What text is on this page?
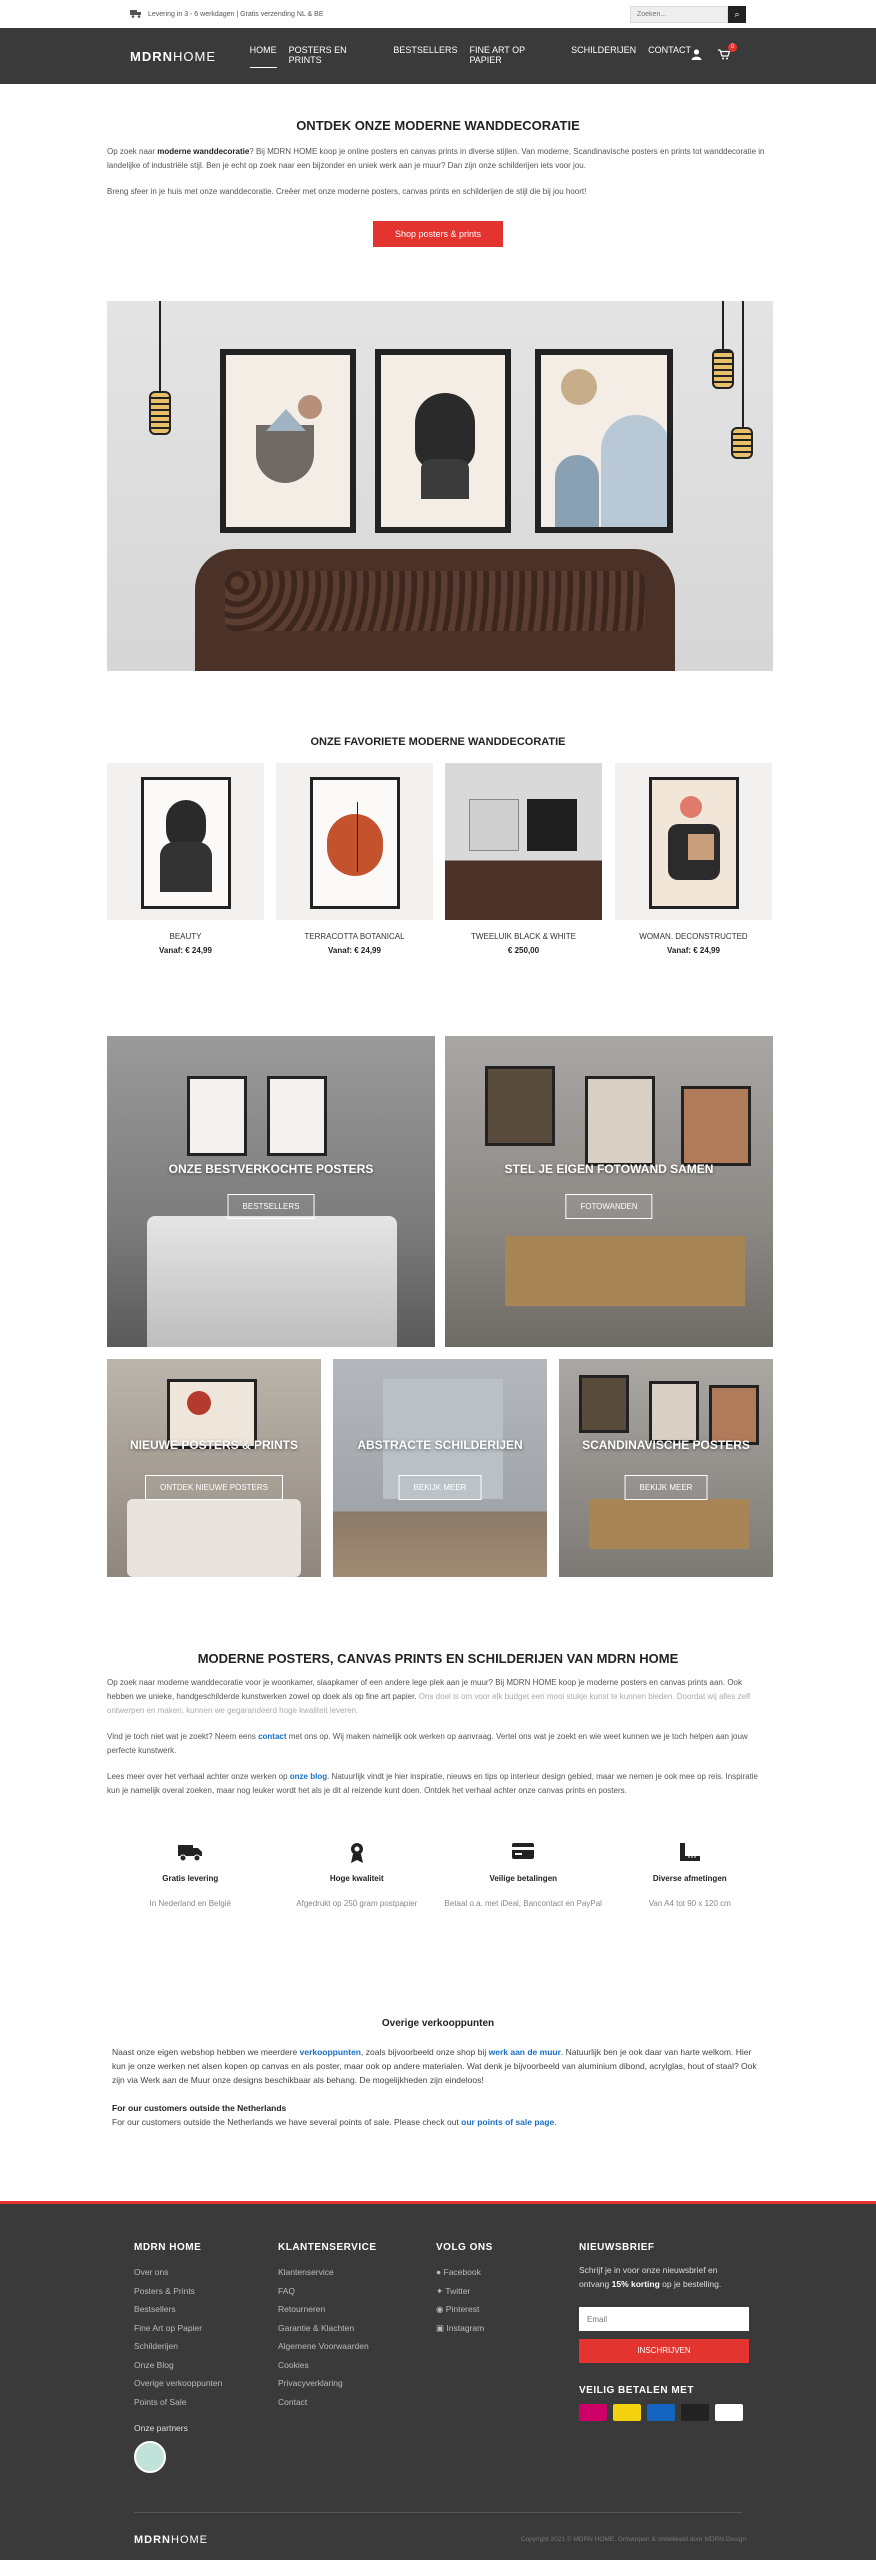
Levering in 3 - 6 werkdagen | Gratis verzending NL & BE
Zoeken...	⌕
MDRNHOME	HOME POSTERS EN PRINTS
BESTSELLERS FINE ART OP PAPIER
SCHILDERIJEN CONTACT	0
ONTDEK ONZE MODERNE WANDDECORATIE

Op zoek naar moderne wanddecoratie? Bij MDRN HOME koop je online posters en canvas prints in diverse stijlen. Van moderne, Scandinavische posters en prints tot wanddecoratie in landelijke of industriële stijl. Ben je echt op zoek naar een bijzonder en uniek werk aan je muur? Dan zijn onze schilderijen iets voor jou.

Breng sfeer in je huis met onze wanddecoratie. Creëer met onze moderne posters, canvas prints en schilderijen de stijl die bij jou hoort!

Shop posters & prints
ONZE FAVORIETE MODERNE WANDDECORATIE
BEAUTY
Vanaf: € 24,99
TERRACOTTA BOTANICAL
Vanaf: € 24,99
TWEELUIK BLACK & WHITE
€ 250,00
WOMAN. DECONSTRUCTED
Vanaf: € 24,99
ONZE BESTVERKOCHTE POSTERS
BESTSELLERS
STEL JE EIGEN FOTOWAND SAMEN
FOTOWANDEN
NIEUWE POSTERS & PRINTS
ONTDEK NIEUWE POSTERS
ABSTRACTE SCHILDERIJEN
BEKIJK MEER
SCANDINAVISCHE POSTERS
BEKIJK MEER
MODERNE POSTERS, CANVAS PRINTS EN SCHILDERIJEN VAN MDRN HOME

Op zoek naar moderne wanddecoratie voor je woonkamer, slaapkamer of een andere lege plek aan je muur? Bij MDRN HOME koop je moderne posters en canvas prints aan. Ook hebben we unieke, handgeschilderde kunstwerken zowel op doek als op fine art papier. Ons doel is om voor elk budget een mooi stukje kunst te kunnen bieden. Doordat wij alles zelf ontwerpen en maken, kunnen we gegarandeerd hoge kwaliteit leveren.

Vind je toch niet wat je zoekt? Neem eens contact met ons op. Wij maken namelijk ook werken op aanvraag. Vertel ons wat je zoekt en wie weet kunnen we je toch helpen aan jouw perfecte kunstwerk.

Lees meer over het verhaal achter onze werken op onze blog. Natuurlijk vindt je hier inspiratie, nieuws en tips op interieur design gebied, maar we nemen je ook mee op reis. Inspiratie kun je namelijk overal zoeken, maar nog leuker wordt het als je dit al reizende kunt doen. Ontdek het verhaal achter onze canvas prints en posters.

Gratis levering
In Nederland en België
Hoge kwaliteit
Afgedrukt op 250 gram postpapier
Veilige betalingen
Betaal o.a. met iDeal, Bancontact en PayPal
Diverse afmetingen
Van A4 tot 90 x 120 cm
Overige verkooppunten

Naast onze eigen webshop hebben we meerdere verkooppunten, zoals bijvoorbeeld onze shop bij werk aan de muur. Natuurlijk ben je ook daar van harte welkom. Hier kun je onze werken net alsen kopen op canvas en als poster, maar ook op andere materialen. Wat denk je bijvoorbeeld van aluminium dibond, acrylglas, hout of staal? Ook zijn via Werk aan de Muur onze designs beschikbaar als behang. De mogelijkheden zijn eindeloos!

For our customers outside the Netherlands

For our customers outside the Netherlands we have several points of sale. Please check out our points of sale page.

MDRN HOME
Over ons
Posters & Prints
Bestsellers
Fine Art op Papier
Schilderijen
Onze Blog
Overige verkooppunten
Points of Sale
Onze partners
KLANTENSERVICE
Klantenservice
FAQ
Retourneren
Garantie & Klachten
Algemene Voorwaarden
Cookies
Privacyverklaring
Contact
VOLG ONS
● Facebook
✦ Twitter
◉ Pinterest
▣ Instagram
NIEUWSBRIEF

Schrijf je in voor onze nieuwsbrief en ontvang 15% korting op je bestelling.

Email
INSCHRIJVEN
VEILIG BETALEN MET
MDRNHOME	Copyright 2021 © MDRN HOME. Ontworpen & ontwikkeld door MDRN Design
